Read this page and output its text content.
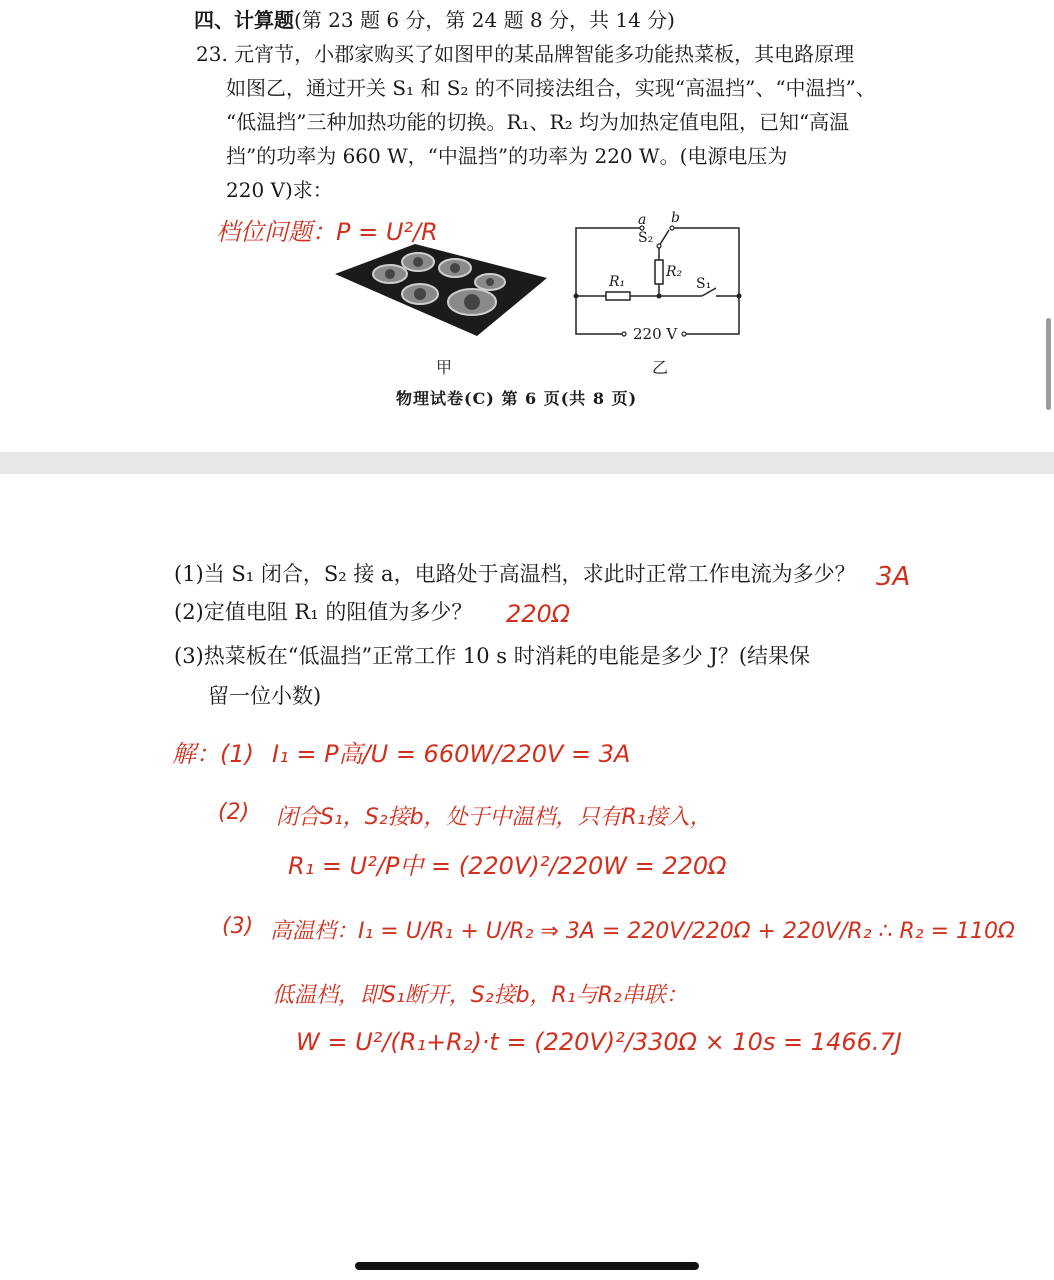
四、计算题(第 23 题 6 分，第 24 题 8 分，共 14 分)
23. 元宵节，小郡家购买了如图甲的某品牌智能多功能热菜板，其电路原理
如图乙，通过开关 S₁ 和 S₂ 的不同接法组合，实现“高温挡”、“中温挡”、
“低温挡”三种加热功能的切换。R₁、R₂ 均为加热定值电阻，已知“高温
挡”的功率为 660 W，“中温挡”的功率为 220 W。(电源电压为
220 V)求：
档位问题：P = U²/R
甲
a b
S₂
R₂
R₁	S₁
220 V
乙
物理试卷(C) 第 6 页(共 8 页)
(1)当 S₁ 闭合，S₂ 接 a，电路处于高温档，求此时正常工作电流为多少？ 3A
(2)定值电阻 R₁ 的阻值为多少？ 220Ω
(3)热菜板在“低温挡”正常工作 10 s 时消耗的电能是多少 J？(结果保
留一位小数)
解：(1) I₁ = P高/U = 660W/220V = 3A
(2) 闭合S₁，S₂接b，处于中温档，只有R₁接入，
R₁ = U²/P中 = (220V)²/220W = 220Ω
(3) 高温档：I₁ = U/R₁ + U/R₂ ⇒ 3A = 220V/220Ω + 220V/R₂ ∴ R₂ = 110Ω
低温档，即S₁断开，S₂接b，R₁与R₂串联：
W = U²/(R₁+R₂)·t = (220V)²/330Ω × 10s = 1466.7J
